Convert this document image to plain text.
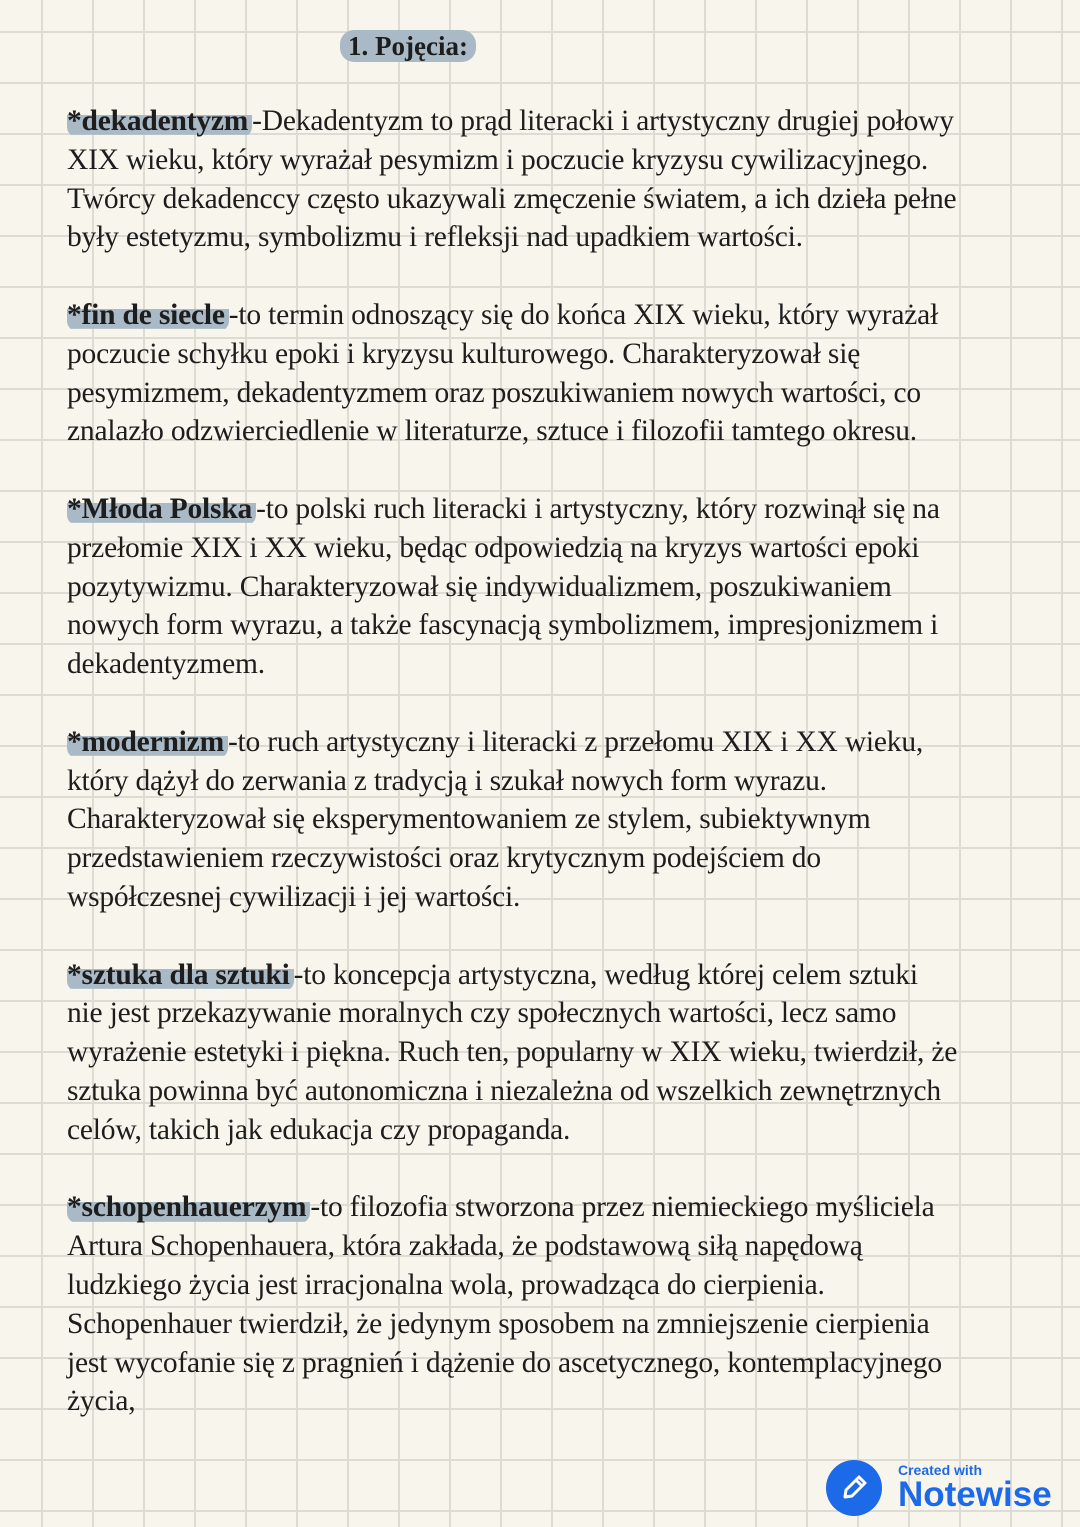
1. Pojęcia:
*dekadentyzm -Dekadentyzm to prąd literacki i artystyczny drugiej połowy
XIX wieku, który wyrażał pesymizm i poczucie kryzysu cywilizacyjnego.
Twórcy dekadenccy często ukazywali zmęczenie światem, a ich dzieła pełne
były estetyzmu, symbolizmu i refleksji nad upadkiem wartości.
*fin de siecle -to termin odnoszący się do końca XIX wieku, który wyrażał
poczucie schyłku epoki i kryzysu kulturowego. Charakteryzował się
pesymizmem, dekadentyzmem oraz poszukiwaniem nowych wartości, co
znalazło odzwierciedlenie w literaturze, sztuce i filozofii tamtego okresu.
*Młoda Polska -to polski ruch literacki i artystyczny, który rozwinął się na
przełomie XIX i XX wieku, będąc odpowiedzią na kryzys wartości epoki
pozytywizmu. Charakteryzował się indywidualizmem, poszukiwaniem
nowych form wyrazu, a także fascynacją symbolizmem, impresjonizmem i
dekadentyzmem.
*modernizm -to ruch artystyczny i literacki z przełomu XIX i XX wieku,
który dążył do zerwania z tradycją i szukał nowych form wyrazu.
Charakteryzował się eksperymentowaniem ze stylem, subiektywnym
przedstawieniem rzeczywistości oraz krytycznym podejściem do
współczesnej cywilizacji i jej wartości.
*sztuka dla sztuki -to koncepcja artystyczna, według której celem sztuki
nie jest przekazywanie moralnych czy społecznych wartości, lecz samo
wyrażenie estetyki i piękna. Ruch ten, popularny w XIX wieku, twierdził, że
sztuka powinna być autonomiczna i niezależna od wszelkich zewnętrznych
celów, takich jak edukacja czy propaganda.
*schopenhauerzym -to filozofia stworzona przez niemieckiego myśliciela
Artura Schopenhauera, która zakłada, że podstawową siłą napędową
ludzkiego życia jest irracjonalna wola, prowadząca do cierpienia.
Schopenhauer twierdził, że jedynym sposobem na zmniejszenie cierpienia
jest wycofanie się z pragnień i dążenie do ascetycznego, kontemplacyjnego
życia,
Created with
Notewise
